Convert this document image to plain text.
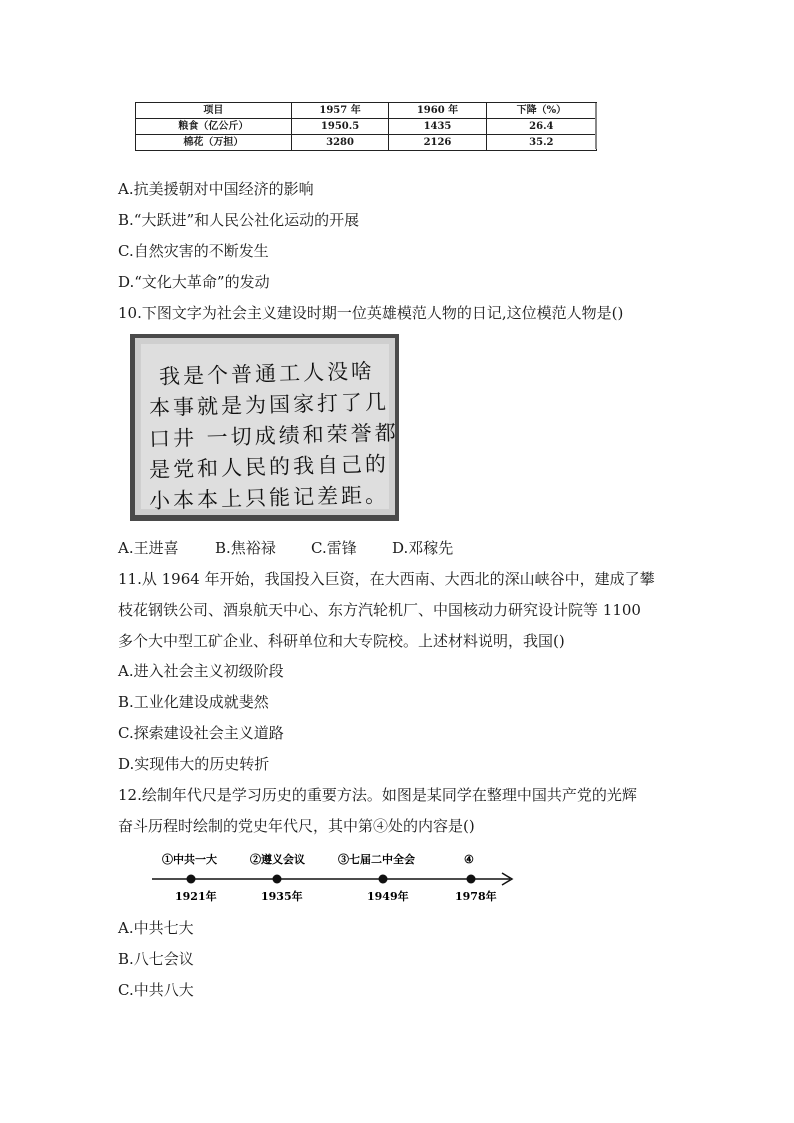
项目	1957 年	1960 年	下降（%）
粮食（亿公斤）	1950.5	1435	26.4
棉花（万担）	3280	2126	35.2
A.抗美援朝对中国经济的影响
B.“大跃进”和人民公社化运动的开展
C.自然灾害的不断发生
D.“文化大革命”的发动
10.下图文字为社会主义建设时期一位英雄模范人物的日记,这位模范人物是()
我是个普通工人没啥
本事就是为国家打了几
口井 一切成绩和荣誉都
是党和人民的我自己的
小本本上只能记差距。
A.王进喜 B.焦裕禄 C.雷锋 D.邓稼先
11.从 1964 年开始，我国投入巨资，在大西南、大西北的深山峡谷中，建成了攀
枝花钢铁公司、酒泉航天中心、东方汽轮机厂、中国核动力研究设计院等 1100
多个大中型工矿企业、科研单位和大专院校。上述材料说明，我国()
A.进入社会主义初级阶段
B.工业化建设成就斐然
C.探索建设社会主义道路
D.实现伟大的历史转折
12.绘制年代尺是学习历史的重要方法。如图是某同学在整理中国共产党的光辉
奋斗历程时绘制的党史年代尺，其中第④处的内容是()
①中共一大	②遵义会议	③七届二中全会	④
1921年	1935年	1949年	1978年
A.中共七大
B.八七会议
C.中共八大
